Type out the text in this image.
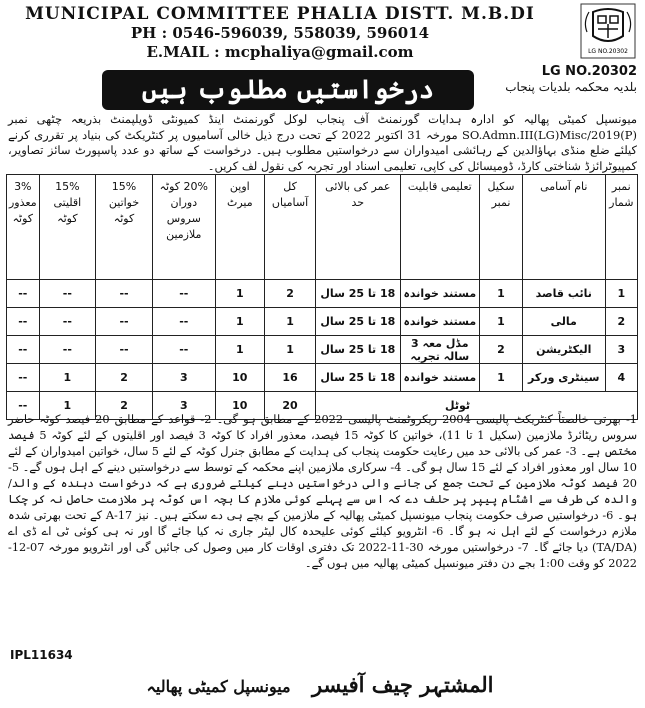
MUNICIPAL COMMITTEE PHALIA DISTT. M.B.DI
PH : 0546-596039, 558039, 596014
E.MAIL : mcphaliya@gmail.com	LG NO.20302
LG NO.20302
بلدیہ محکمہ بلدیات پنجاب
درخواستیں مطلوب ہیں
میونسپل کمیٹی پھالیہ کو ادارہ ہدایات گورنمنٹ آف پنجاب لوکل گورنمنٹ اینڈ کمیونٹی ڈویلپمنٹ بذریعہ چٹھی نمبر SO.Admn.III(LG)Misc/2019(P) مورخہ 31 اکتوبر 2022 کے تحت درج ذیل خالی آسامیوں پر کنٹریکٹ کی بنیاد پر تقرری کرنے کیلئے ضلع منڈی بہاؤالدین کے رہائشی امیدواران سے درخواستیں مطلوب ہیں۔ درخواست کے ساتھ دو عدد پاسپورٹ سائز تصاویر، کمپیوٹرائزڈ شناختی کارڈ، ڈومیسائل کی کاپی، تعلیمی اسناد اور تجربہ کی نقول لف کریں۔
نمبر شمار	نام آسامی	سکیل نمبر	تعلیمی قابلیت	عمر کی بالائی حد	کل آسامیاں	اوپن میرٹ	20% کوٹہ دوران سروس ملازمین	15% خواتین کوٹہ	15% اقلیتی کوٹہ	3% معذور کوٹہ
1	نائب قاصد	1	مستند خواندہ	18 تا 25 سال	2	1	--	--	--	--
2	مالی	1	مستند خواندہ	18 تا 25 سال	1	1	--	--	--	--
3	الیکٹریشن	2	مڈل معہ 3 سالہ تجربہ	18 تا 25 سال	1	1	--	--	--	--
4	سینٹری ورکر	1	مستند خواندہ	18 تا 25 سال	16	10	3	2	1	--
ٹوٹل					20	10	3	2	1	--
1- بھرتی خالصتاً کنٹریکٹ پالیسی 2004 ریکروٹمنٹ پالیسی 2022 کے مطابق ہو گی۔ 2- قواعد کے مطابق 20 فیصد کوٹہ حاضر سروس ریٹائرڈ ملازمین (سکیل 1 تا 11)، خواتین کا کوٹہ 15 فیصد، معذور افراد کا کوٹہ 3 فیصد اور اقلیتوں کے لئے کوٹہ 5 فیصد مختص ہے۔ 3- عمر کی بالائی حد میں رعایت حکومت پنجاب کی ہدایت کے مطابق جنرل کوٹہ کے لئے 5 سال، خواتین امیدواران کے لئے 10 سال اور معذور افراد کے لئے 15 سال ہو گی۔ 4- سرکاری ملازمین اپنے محکمہ کے توسط سے درخواستیں دینے کے اہل ہوں گے۔ 5- 20 فیصد کوٹہ ملازمین کے تحت جمع کی جانے والی درخواستیں دینے کیلئے ضروری ہے کہ درخواست دہندہ کے والد/والدہ کی طرف سے اشٹام پیپر پر حلف دے کہ اس سے پہلے کوئی ملازم کا بچہ اس کوٹہ پر ملازمت حاصل نہ کر چکا ہو۔ 6- درخواستیں صرف حکومت پنجاب میونسپل کمیٹی پھالیہ کے ملازمین کے بچے ہی دے سکتے ہیں۔ نیز A-17 کے تحت بھرتی شدہ ملازم درخواست کے لئے اہل نہ ہو گا۔ 6- انٹرویو کیلئے کوئی علیحدہ کال لیٹر جاری نہ کیا جائے گا اور نہ ہی کوئی ٹی اے ڈی اے (TA/DA) دیا جائے گا۔ 7- درخواستیں مورخہ 30-11-2022 تک دفتری اوقات کار میں وصول کی جائیں گی اور انٹرویو مورخہ 07-12-2022 کو وقت 1:00 بجے دن دفتر میونسپل کمیٹی پھالیہ میں ہوں گے۔
IPL11634
المشتہر چیف آفیسر میونسپل کمیٹی پھالیہ
